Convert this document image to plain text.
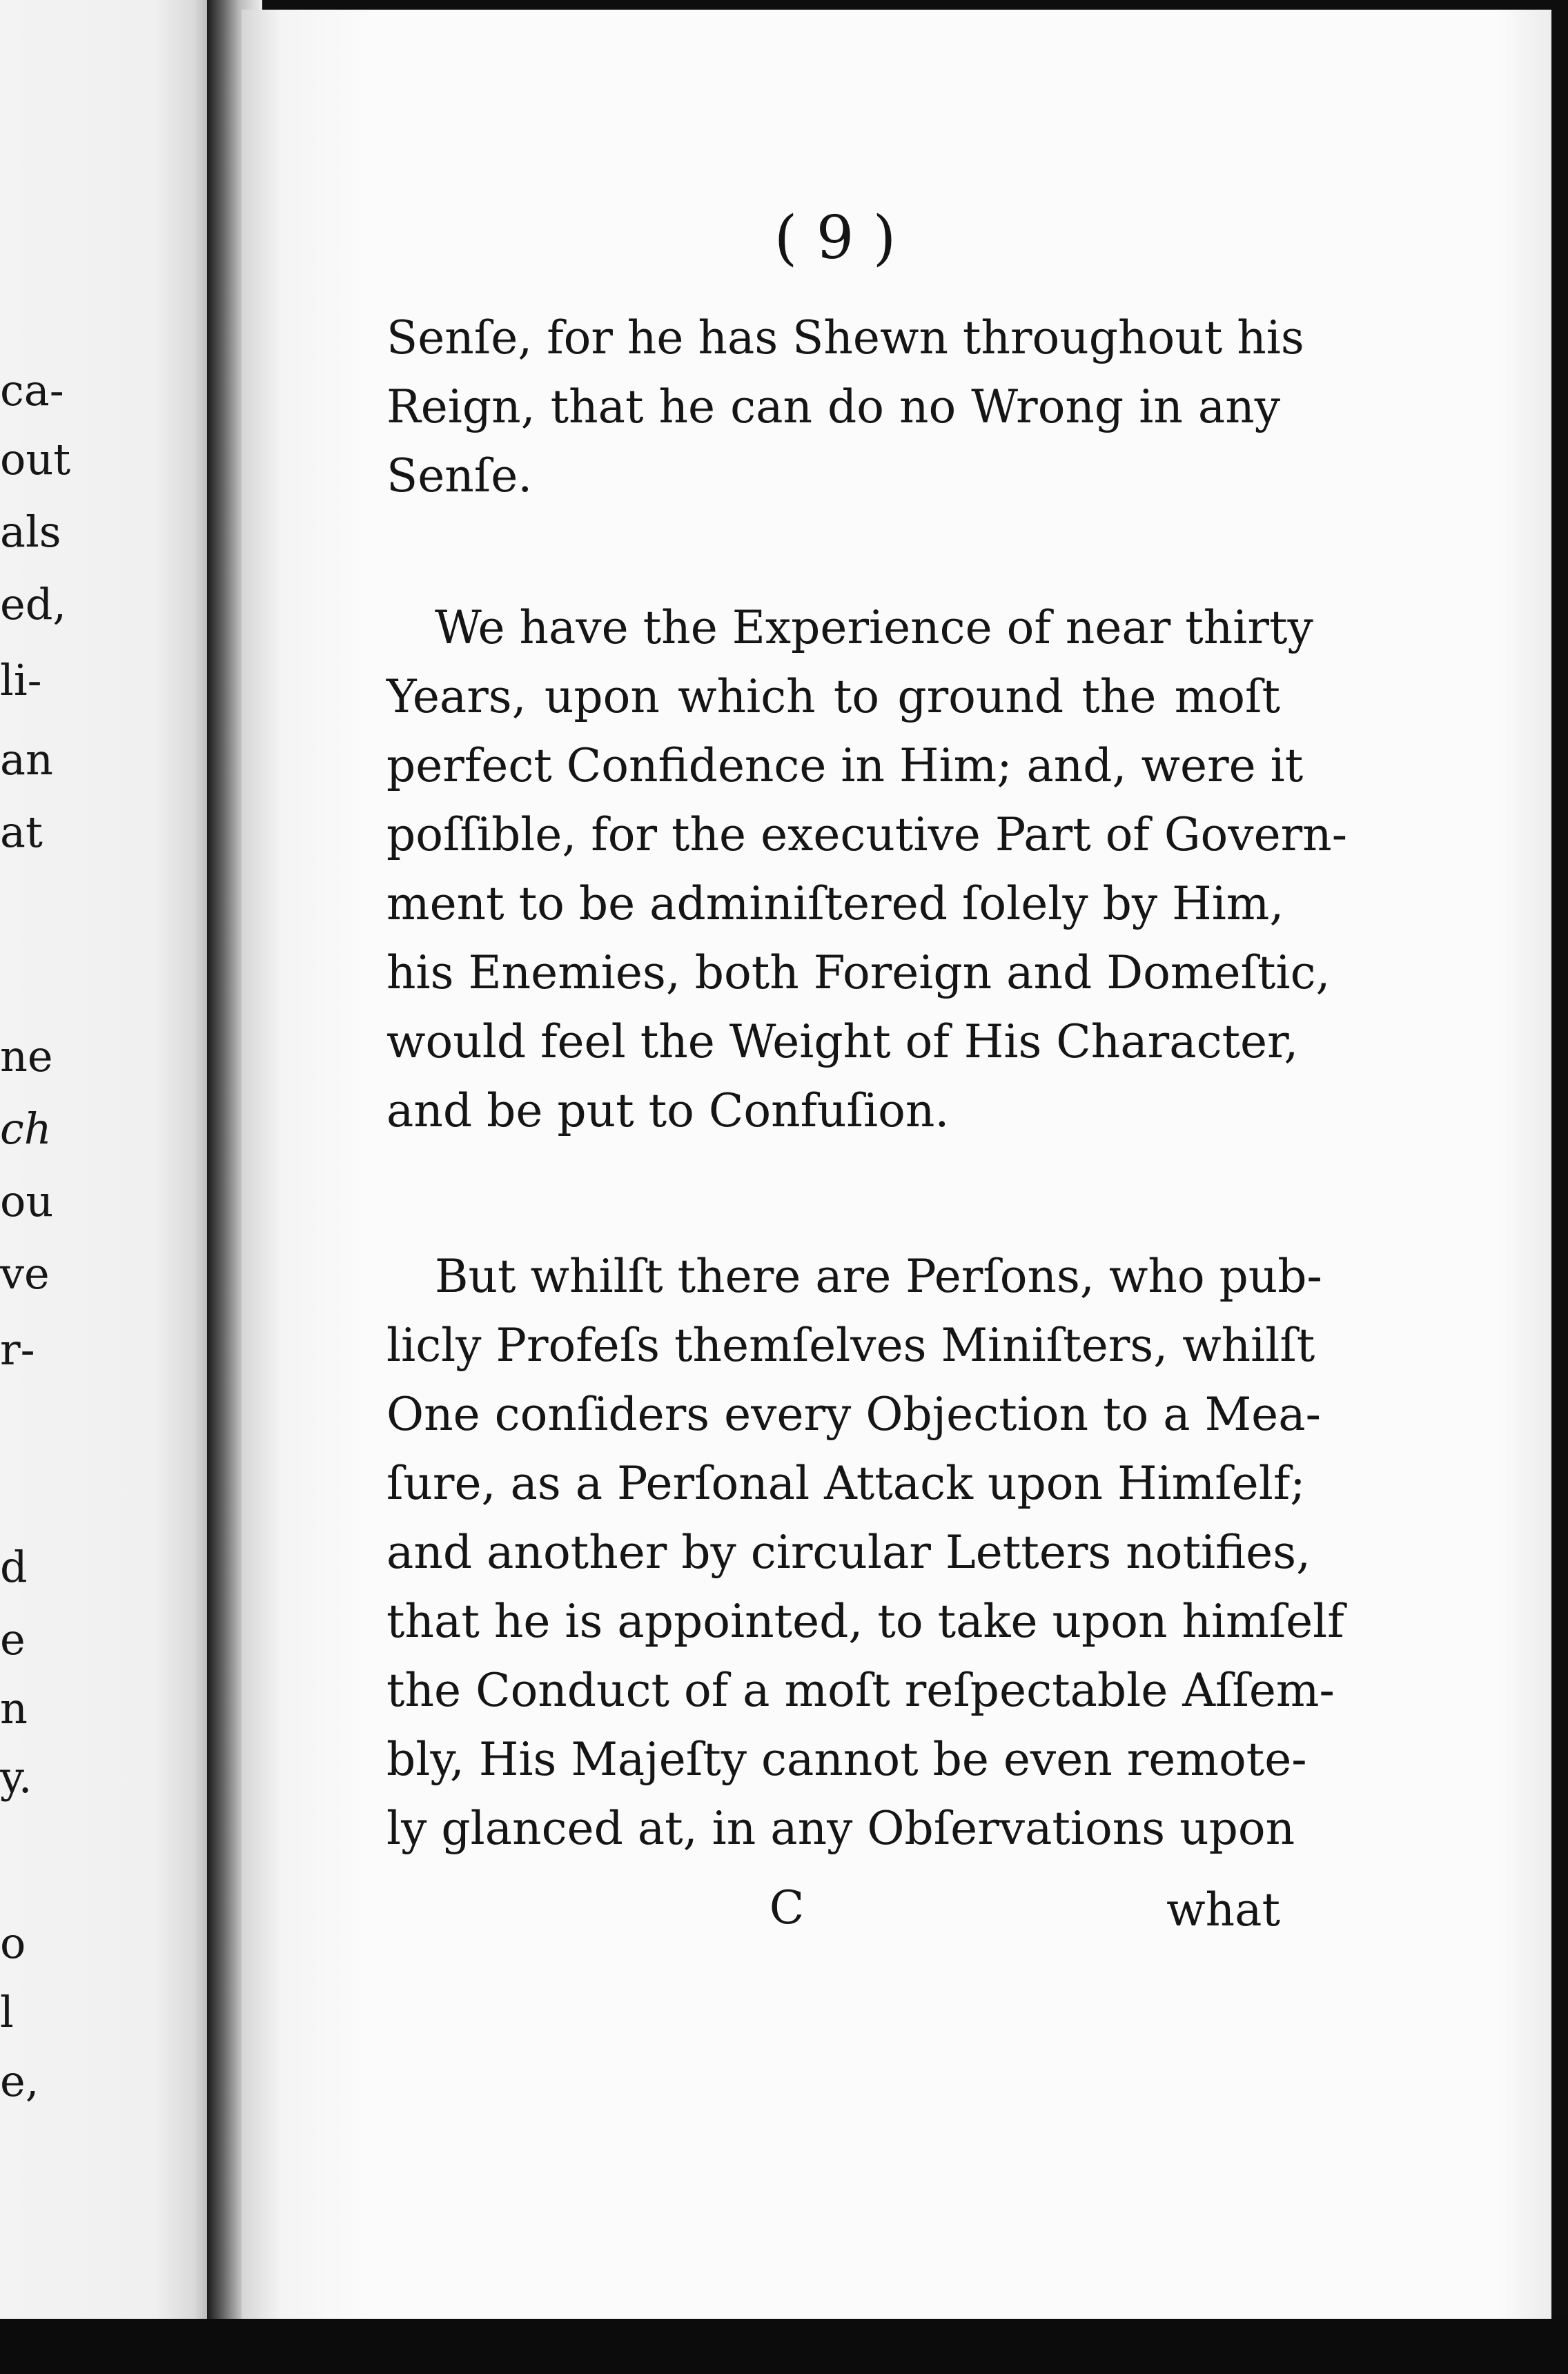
ca-
out
als
ed,
li-
an
at
ne
ch
ou
ve
r-
d
e
n
y.
o
l
e,
( 9 )
Senſe, for he has Shewn throughout his
Reign, that he can do no Wrong in any
Senſe.
We have the Experience of near thirty
Years, upon which to ground the moſt
perfect Confidence in Him; and, were it
poſſible, for the executive Part of Govern-
ment to be adminiſtered ſolely by Him,
his Enemies, both Foreign and Domeſtic,
would feel the Weight of His Character,
and be put to Confuſion.
But whilſt there are Perſons, who pub-
licly Profeſs themſelves Miniſters, whilſt
One conſiders every Objection to a Mea-
ſure, as a Perſonal Attack upon Himſelf;
and another by circular Letters notifies,
that he is appointed, to take upon himſelf
the Conduct of a moſt reſpectable Aſſem-
bly, His Majeſty cannot be even remote-
ly glanced at, in any Obſervations upon
C	what
